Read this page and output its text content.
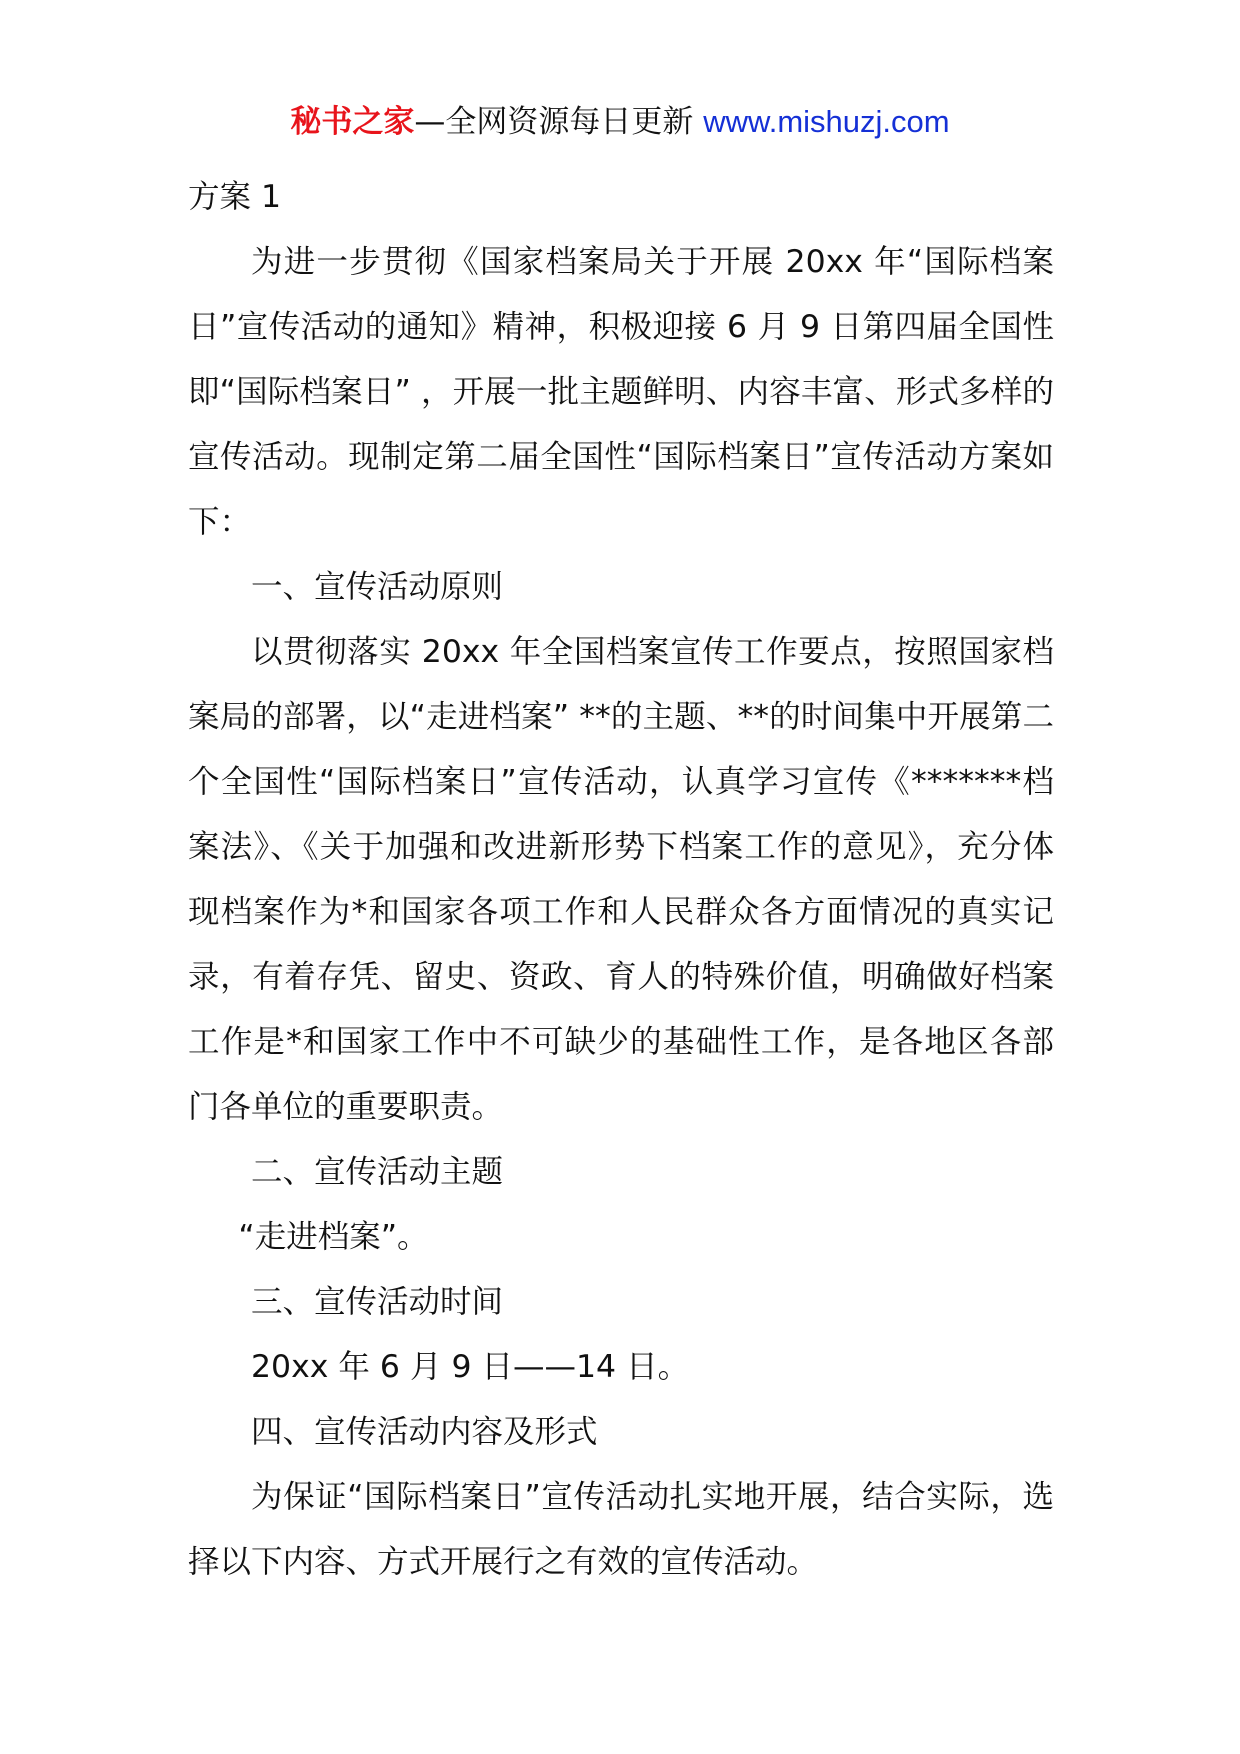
秘书之家—全网资源每日更新 www.mishuzj.com

方案 1

为进一步贯彻《国家档案局关于开展 20xx 年“国际档案日”宣传活动的通知》精神，积极迎接 6 月 9 日第四届全国性即“国际档案日” ，开展一批主题鲜明、内容丰富、形式多样的宣传活动。现制定第二届全国性“国际档案日”宣传活动方案如下：

一、宣传活动原则

以贯彻落实 20xx 年全国档案宣传工作要点，按照国家档案局的部署，以“走进档案” **的主题、**的时间集中开展第二个全国性“国际档案日”宣传活动，认真学习宣传《*******档案法》、《关于加强和改进新形势下档案工作的意见》，充分体现档案作为*和国家各项工作和人民群众各方面情况的真实记录，有着存凭、留史、资政、育人的特殊价值，明确做好档案工作是*和国家工作中不可缺少的基础性工作，是各地区各部门各单位的重要职责。

二、宣传活动主题

“走进档案”。

三、宣传活动时间

20xx 年 6 月 9 日——14 日。

四、宣传活动内容及形式

为保证“国际档案日”宣传活动扎实地开展，结合实际，选择以下内容、方式开展行之有效的宣传活动。
